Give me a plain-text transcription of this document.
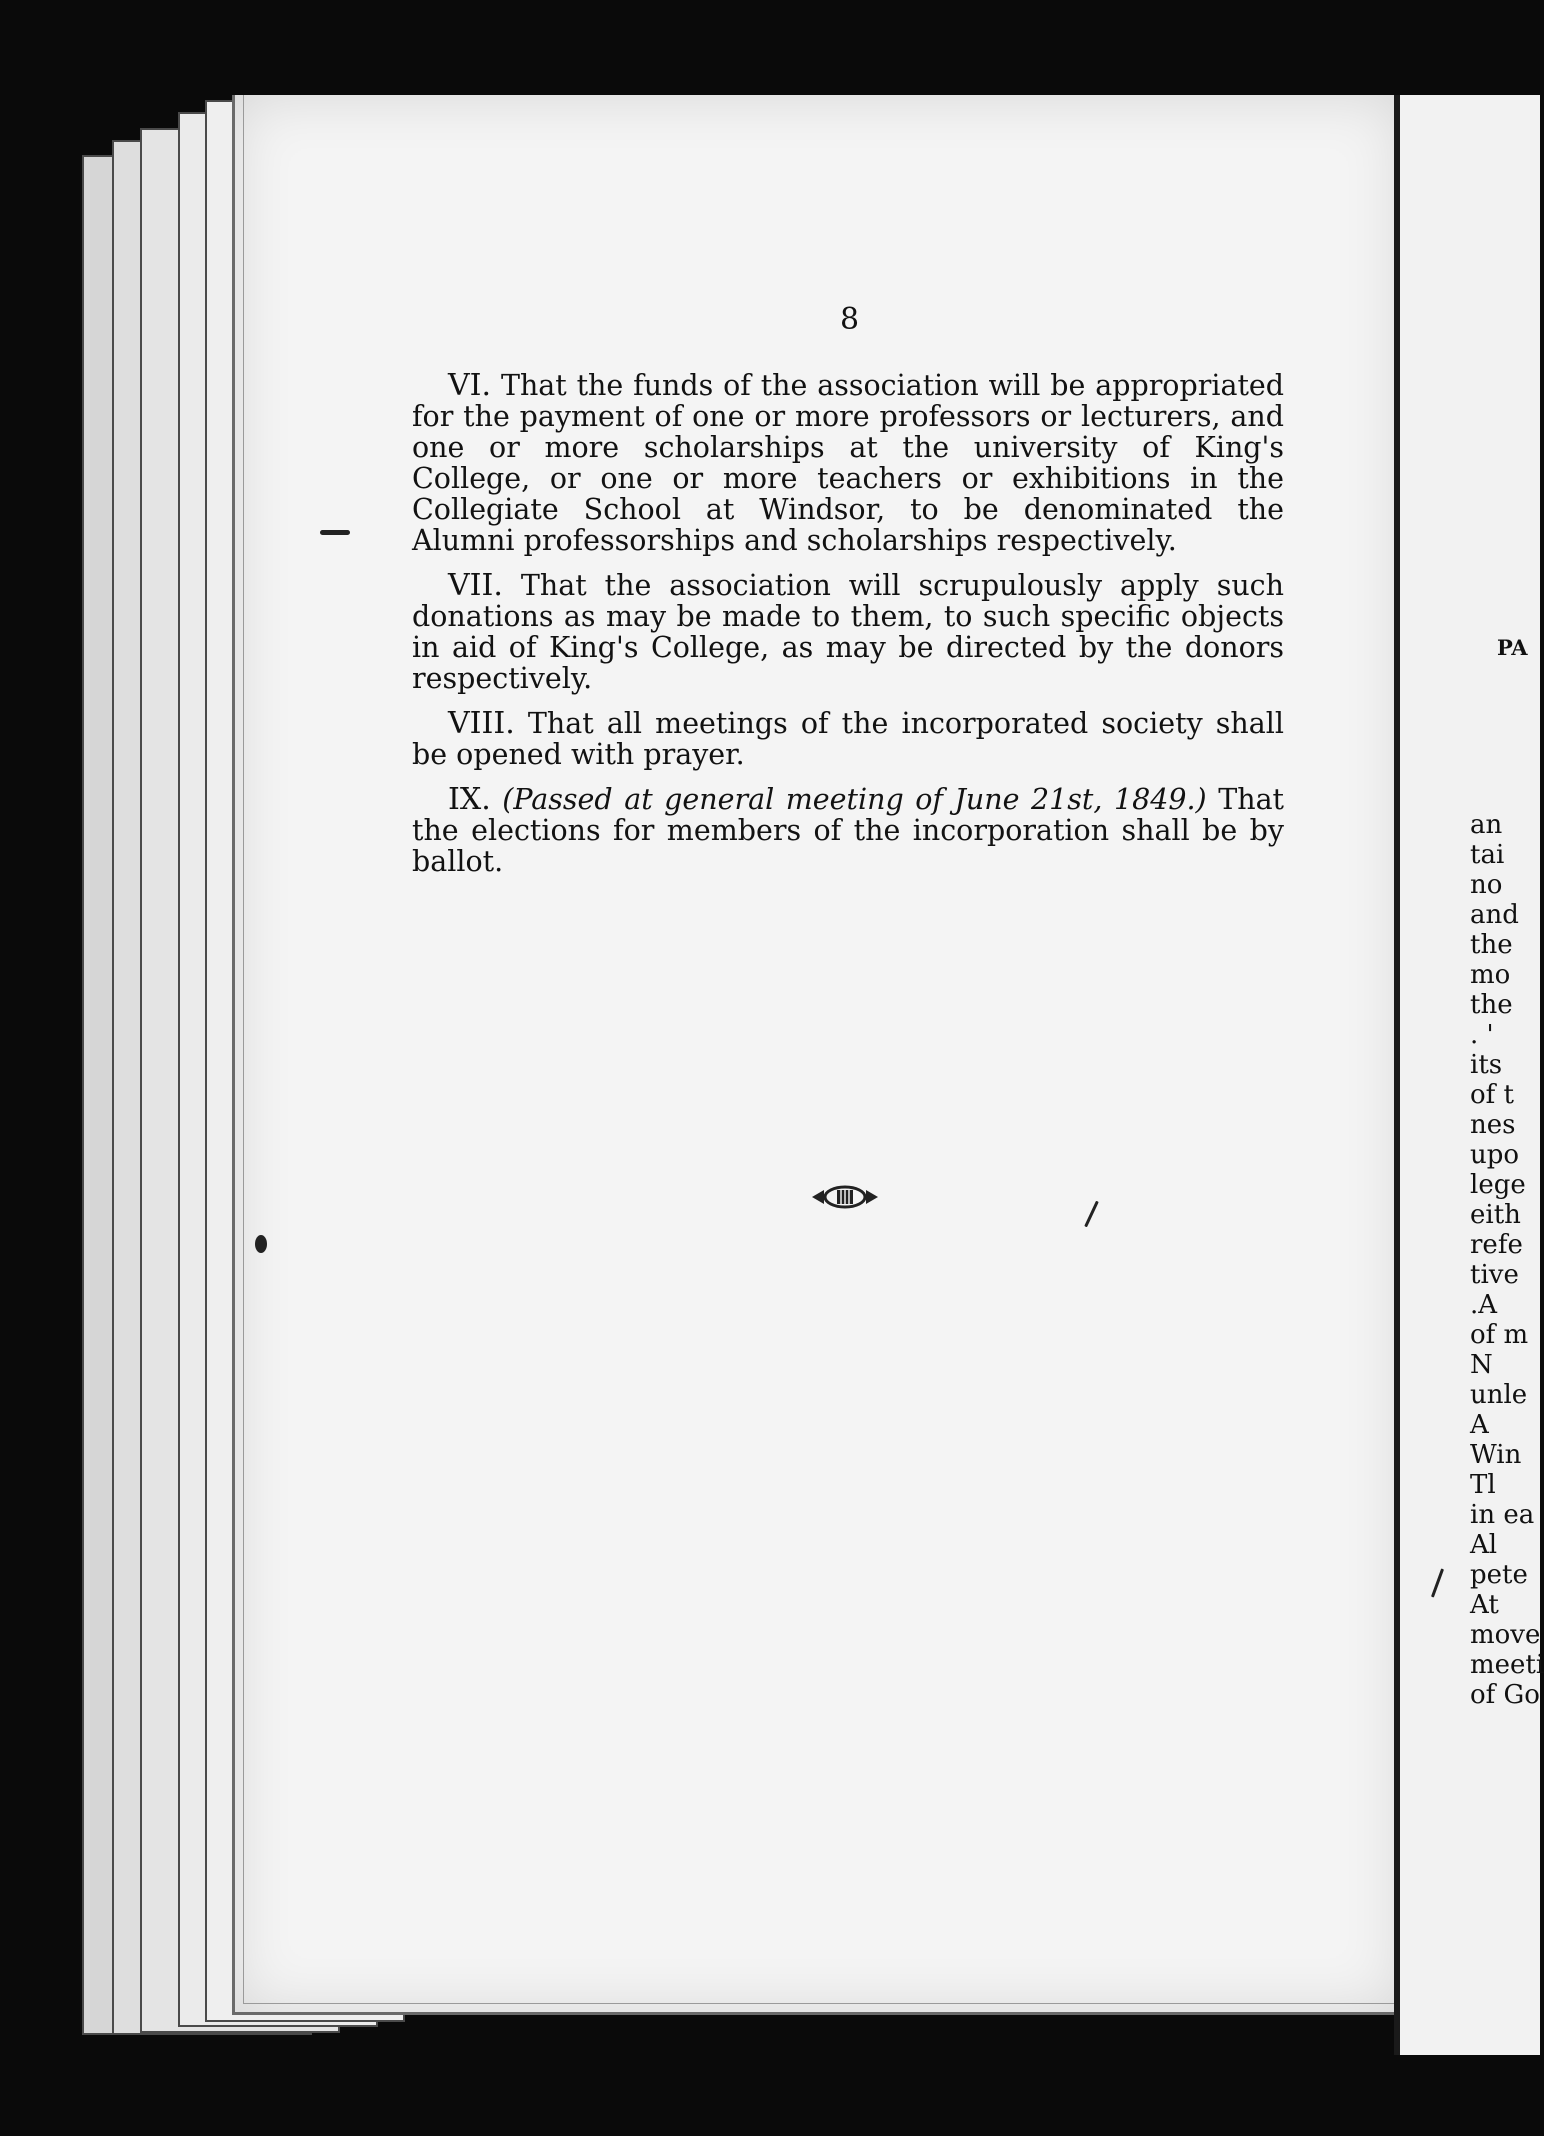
PA
an
tai
no
and
the
mo
the
. '
its
of t
nes
upo
lege
eith
refe
tive
.A
of m
N
unle
A
Win
Tl
in ea
Al
pete
At
move
meeti
of Go
8

VI. That the funds of the association will be appropriated for the payment of one or more professors or lecturers, and one or more scholarships at the university of King's College, or one or more teachers or exhibitions in the Collegiate School at Windsor, to be denominated the Alumni professorships and scholarships respectively.

VII. That the association will scrupulously apply such donations as may be made to them, to such specific objects in aid of King's College, as may be directed by the donors respectively.

VIII. That all meetings of the incorporated society shall be opened with prayer.

IX. (Passed at general meeting of June 21st, 1849.) That the elections for members of the incorporation shall be by ballot.
